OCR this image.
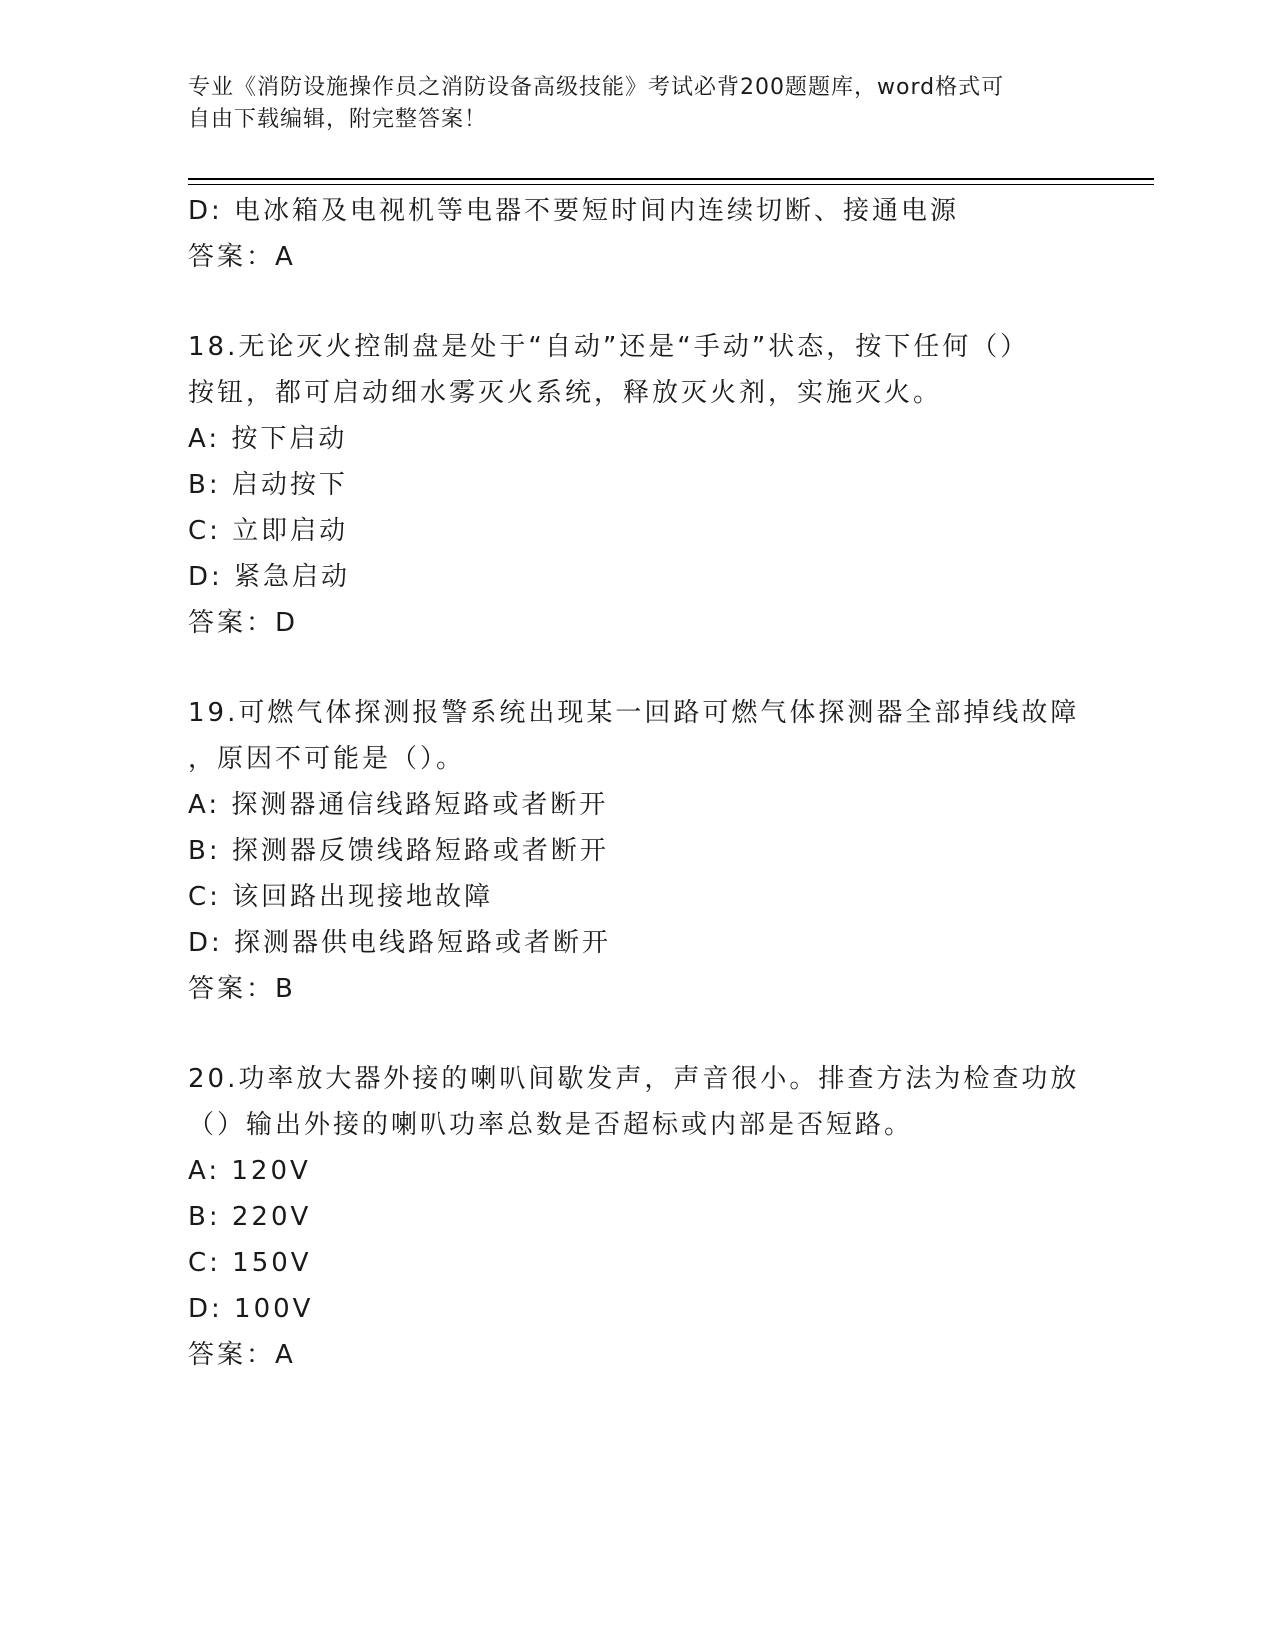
专业《消防设施操作员之消防设备高级技能》考试必背200题题库，word格式可
自由下载编辑，附完整答案！
D: 电冰箱及电视机等电器不要短时间内连续切断、接通电源
答案：A
18.无论灭火控制盘是处于“自动”还是“手动”状态，按下任何（）
按钮，都可启动细水雾灭火系统，释放灭火剂，实施灭火。
A: 按下启动
B: 启动按下
C: 立即启动
D: 紧急启动
答案：D
19.可燃气体探测报警系统出现某一回路可燃气体探测器全部掉线故障
，原因不可能是（）。
A: 探测器通信线路短路或者断开
B: 探测器反馈线路短路或者断开
C: 该回路出现接地故障
D: 探测器供电线路短路或者断开
答案：B
20.功率放大器外接的喇叭间歇发声，声音很小。排查方法为检查功放
（）输出外接的喇叭功率总数是否超标或内部是否短路。
A: 120V
B: 220V
C: 150V
D: 100V
答案：A
